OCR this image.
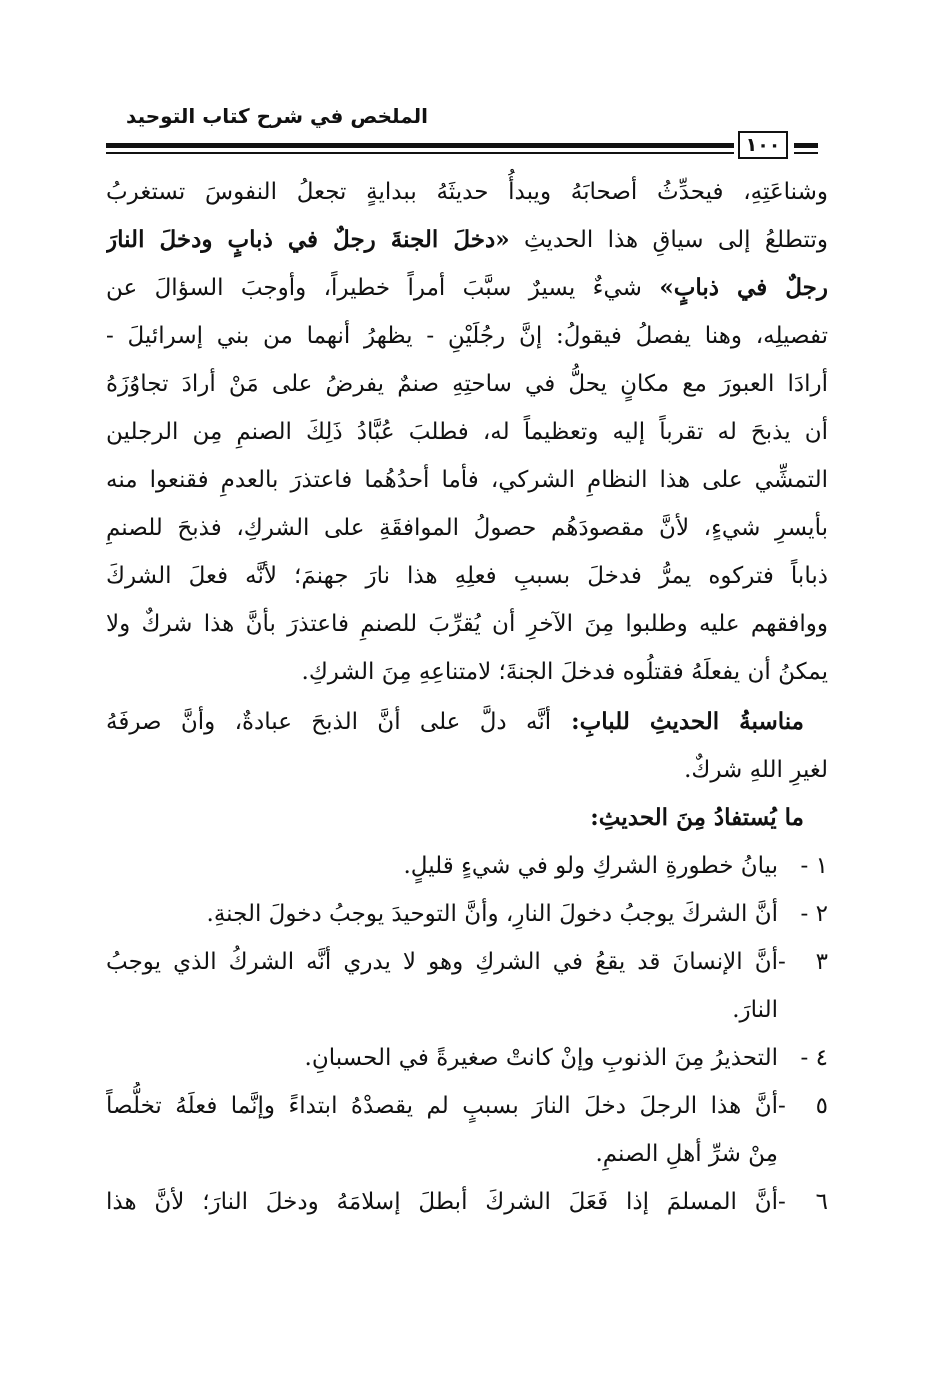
الملخص في شرح كتاب التوحيد
١٠٠
وشناعَتِهِ، فيحدِّثُ أصحابَهُ ويبدأُ حديثَهُ ببدايةٍ تجعلُ النفوسَ تستغربُ
وتتطلعُ إلى سياقِ هذا الحديثِ «دخلَ الجنةَ رجلٌ في ذبابٍ ودخلَ النارَ
رجلٌ في ذبابٍ» شيءٌ يسيرٌ سبَّبَ أمراً خطيراً، وأوجبَ السؤالَ عن
تفصيلِه، وهنا يفصلُ فيقولُ: إنَّ رجُلَيْنِ - يظهرُ أنهما من بني إسرائيلَ -
أرادَا العبورَ مع مكانٍ يحلُّ في ساحتِهِ صنمٌ يفرضُ على مَنْ أرادَ تجاوُزَهُ
أن يذبحَ له تقرباً إليه وتعظيماً له، فطلبَ عُبَّادُ ذَلِكَ الصنمِ مِن الرجلين
التمشِّي على هذا النظامِ الشركي، فأما أحدُهُما فاعتذرَ بالعدمِ فقنعوا منه
بأيسرِ شيءٍ، لأنَّ مقصودَهُم حصولُ الموافقَةِ على الشركِ، فذبحَ للصنمِ
ذباباً فتركوه يمرُّ فدخلَ بسببِ فعلِهِ هذا نارَ جهنمَ؛ لأنَّه فعلَ الشركَ
ووافقهم عليه وطلبوا مِنَ الآخرِ أن يُقرِّبَ للصنمِ فاعتذرَ بأنَّ هذا شركٌ ولا
يمكنُ أن يفعلَهُ فقتلُوه فدخلَ الجنةَ؛ لامتناعِهِ مِنَ الشركِ.
مناسبةُ الحديثِ للبابِ: أنَّه دلَّ على أنَّ الذبحَ عبادةٌ، وأنَّ صرفَهُ
لغيرِ اللهِ شركٌ.
ما يُستفادُ مِنَ الحديثِ:
١ -بيانُ خطورةِ الشركِ ولو في شيءٍ قليلٍ.
٢ -أنَّ الشركَ يوجبُ دخولَ النارِ، وأنَّ التوحيدَ يوجبُ دخولَ الجنةِ.
٣ -أنَّ الإنسانَ قد يقعُ في الشركِ وهو لا يدري أنَّه الشركُ الذي يوجبُ
النارَ.
٤ -التحذيرُ مِنَ الذنوبِ وإنْ كانتْ صغيرةً في الحسبانِ.
٥ -أنَّ هذا الرجلَ دخلَ النارَ بسببٍ لم يقصدْهُ ابتداءً وإنَّما فعلَهُ تخلُّصاً
مِنْ شرِّ أهلِ الصنمِ.
٦ -أنَّ المسلمَ إذا فَعَلَ الشركَ أبطلَ إسلامَهُ ودخلَ النارَ؛ لأنَّ هذا
